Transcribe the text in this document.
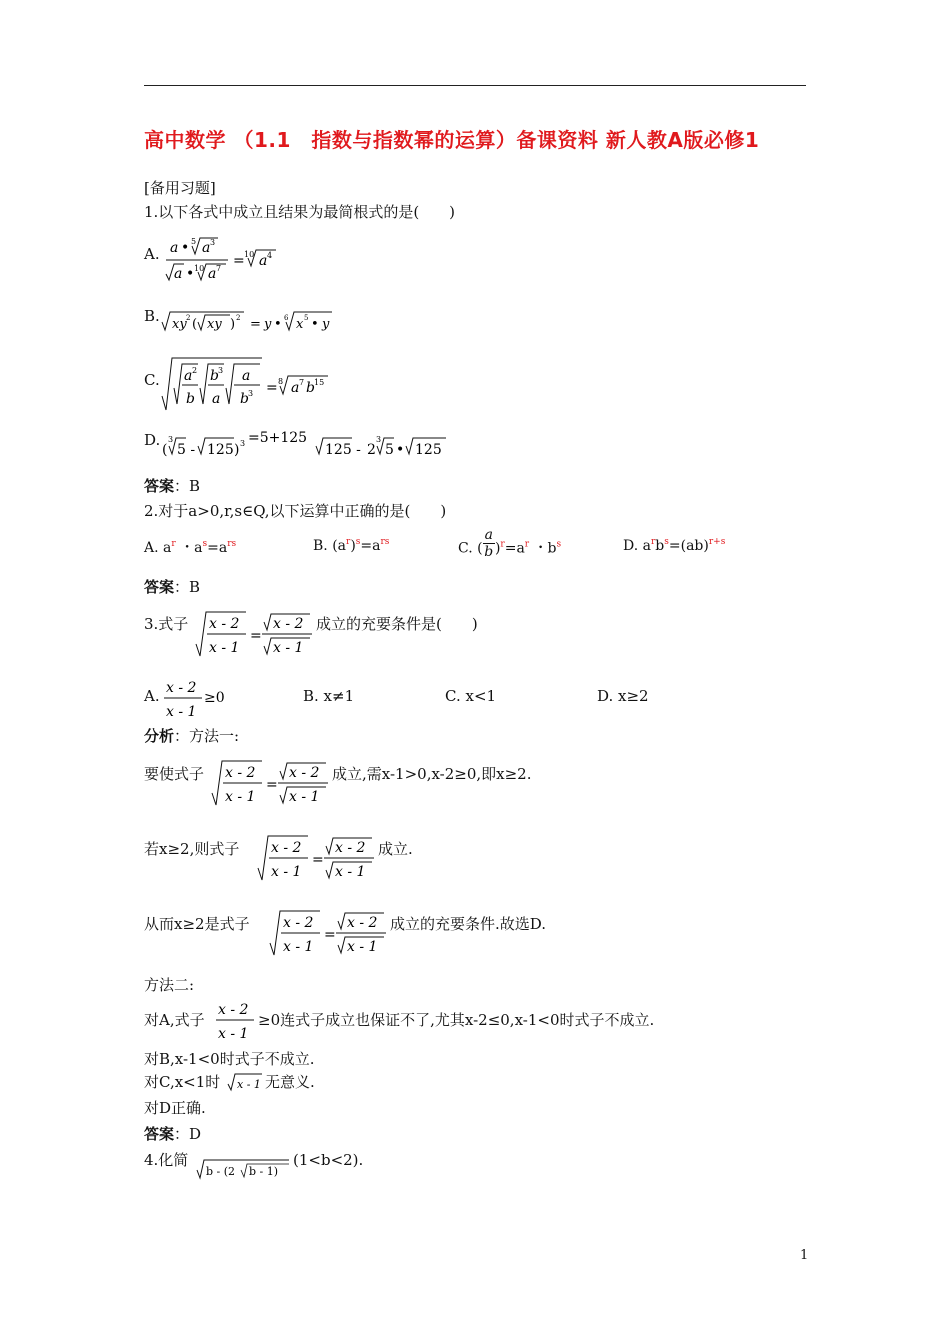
高中数学 （1.1　指数与指数幂的运算）备课资料 新人教A版必修1
[备用习题]
1.以下各式中成立且结果为最简根式的是(　　)
A. a • 5 a 3
a • 10 a 7 = 10 a 4
B. xy 2 ( xy ) 2 = y • 6 x 5 • y
C. a 2
b
b 3
a
a
b 3 = 8 a 7 b 15
D.
(
3
5 - 125 ) 3 =5+125
125 - 2
3
5 • 125
答案：B
2.对于a>0,r,s∈Q,以下运算中正确的是(　　)
A. $a^r$ ・$a^s=a^{rs}$	B. $(a^r)^s=a^{rs}$	C. ( $\frac{a}{b} )^r=a^r$ ・$b^s$	D. $a^rb^s=(ab)^{r+s}$
答案：B
3.式子 x - 2
x - 1
=
x - 2
x - 1
成立的充要条件是(　　)
A. x - 2
x - 1
≥0	B. x≠1	C. x<1	D. x≥2
分析：方法一:
要使式子 x - 2
x - 1
=
x - 2
x - 1
成立,需x-1>0,x-2≥0,即x≥2.
若x≥2,则式子 x - 2
x - 1
=
x - 2
x - 1
成立.
从而x≥2是式子 x - 2
x - 1
=
x - 2
x - 1
成立的充要条件.故选D.
方法二:
对A,式子
x - 2
x - 1
≥0连式子成立也保证不了,尤其x-2≤0,x-1<0时式子不成立.
对B,x-1<0时式子不成立.
对C,x<1时 x - 1 无意义.
对D正确.
答案：D
4.化简
b - (2 b - 1)
(1<b<2).
1
